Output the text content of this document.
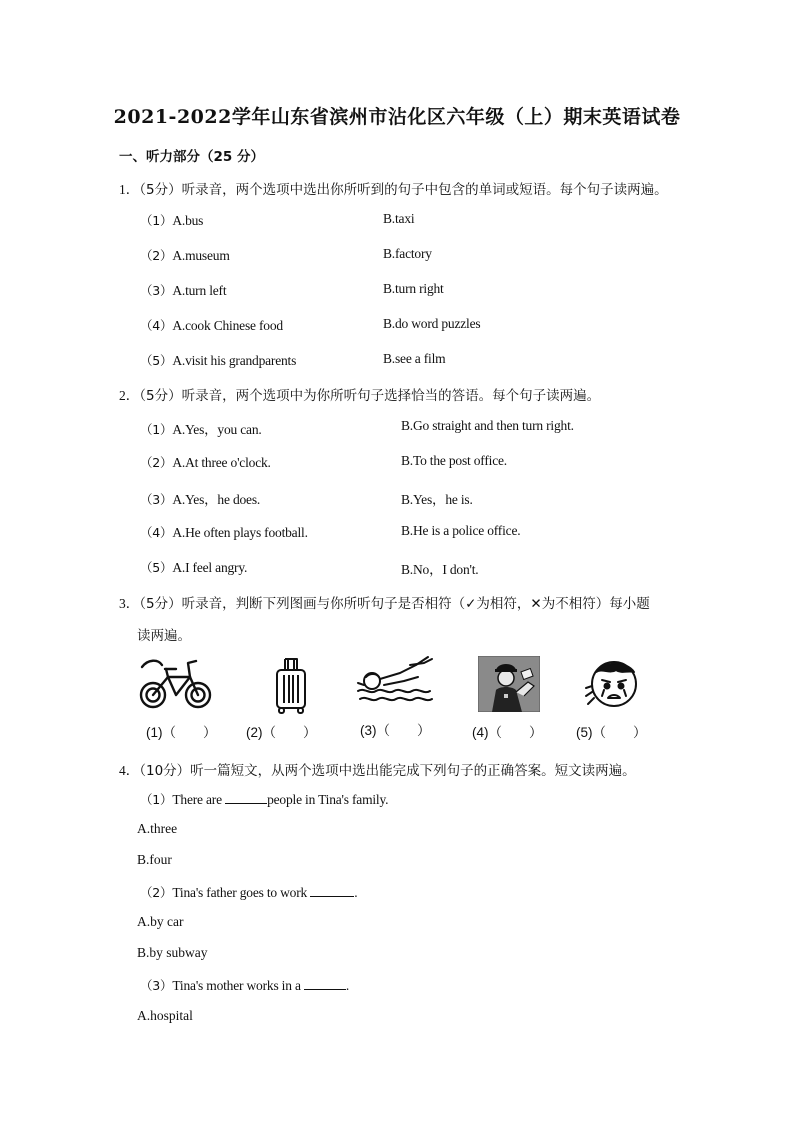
2021-2022学年山东省滨州市沾化区六年级（上）期末英语试卷
一、听力部分（25 分）
1．（5分）听录音，两个选项中选出你所听到的句子中包含的单词或短语。每个句子读两遍。
（1）A.bus	B.taxi
（2）A.museum	B.factory
（3）A.turn left	B.turn right
（4）A.cook Chinese food	B.do word puzzles
（5）A.visit his grandparents	B.see a film
2．（5分）听录音，两个选项中为你所听句子选择恰当的答语。每个句子读两遍。
（1）A.Yes，you can.	B.Go straight and then turn right.
（2）A.At three o'clock.	B.To the post office.
（3）A.Yes，he does.	B.Yes，he is.
（4）A.He often plays football.	B.He is a police office.
（5）A.I feel angry.	B.No，I don't.
3．（5分）听录音，判断下列图画与你所听句子是否相符（✓为相符，✕为不相符）每小题
读两遍。
(1)（　　） (2)（　　）	(3)（　　）	(4)（　　） (5)（　　）
4．（10分）听一篇短文，从两个选项中选出能完成下列句子的正确答案。短文读两遍。
（1）There are	people in Tina's family.
A.three
B.four
（2）Tina's father goes to work	.
A.by car
B.by subway
（3）Tina's mother works in a	.
A.hospital
